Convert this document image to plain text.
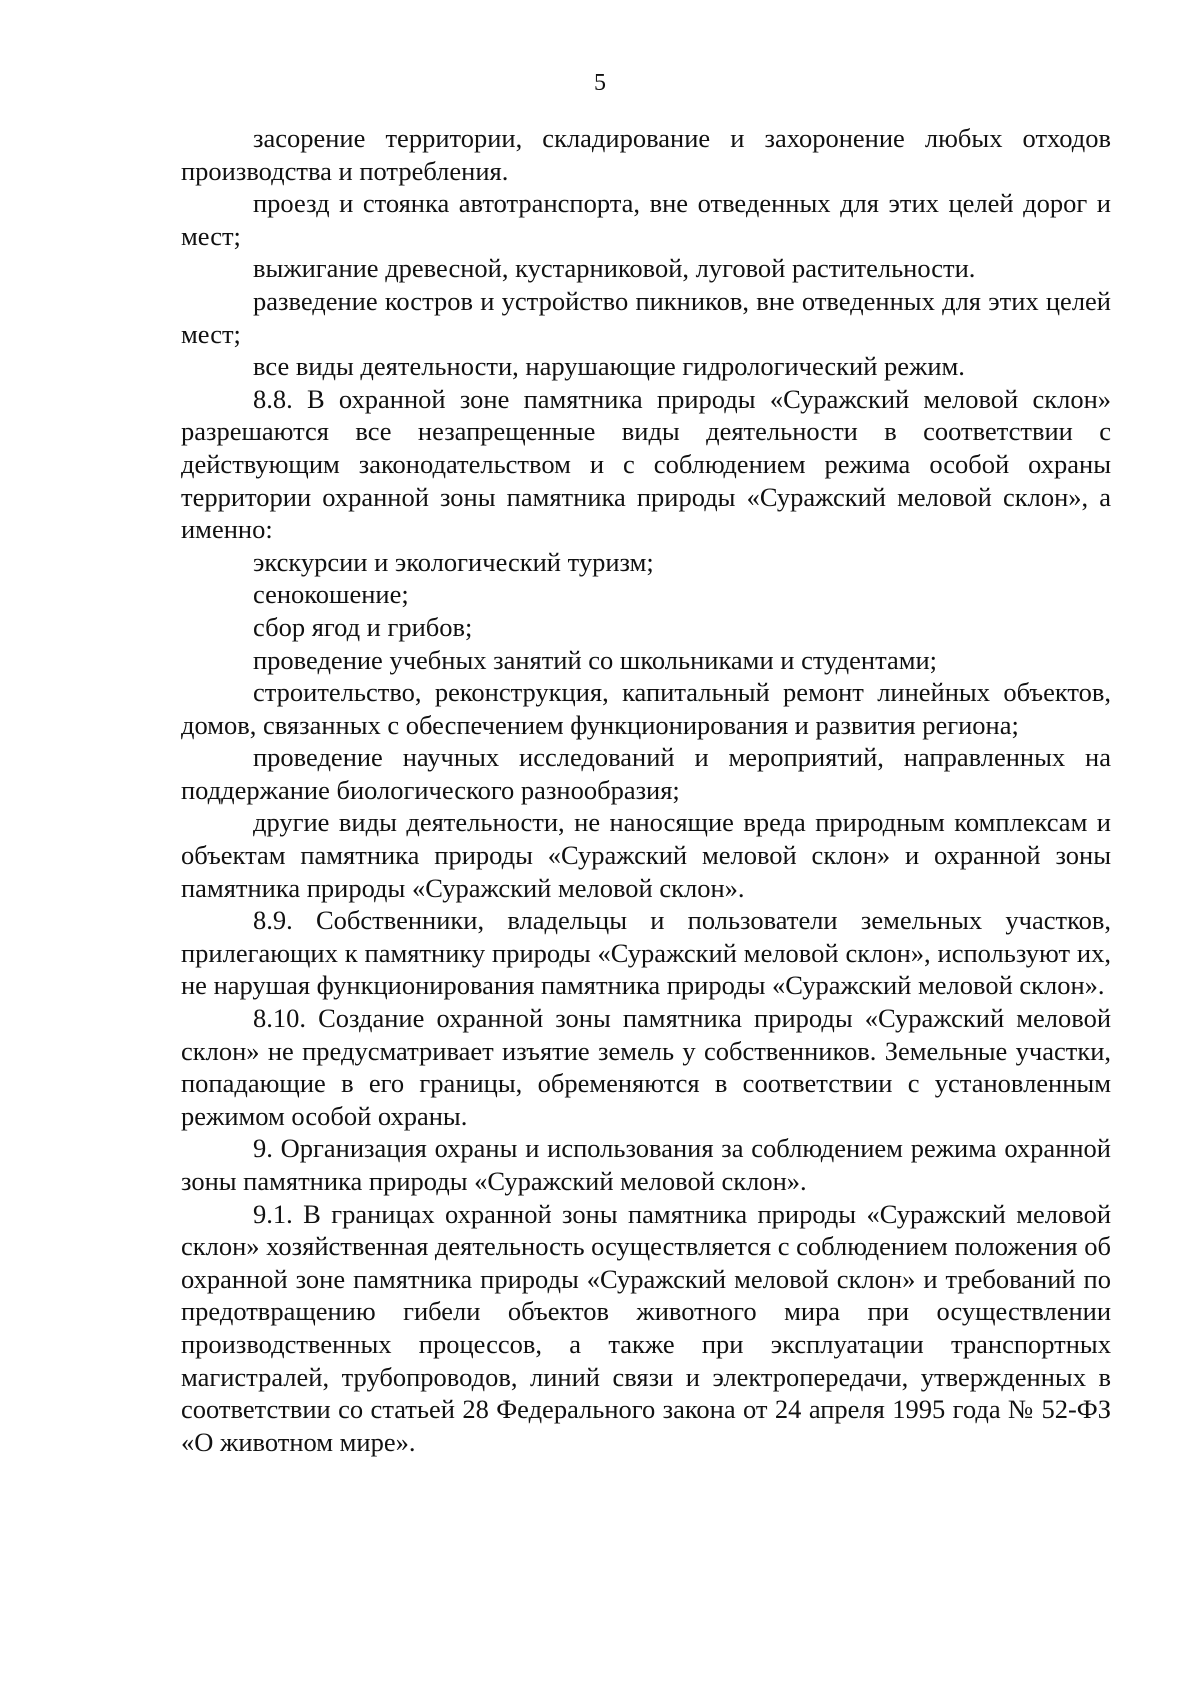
5

засорение территории, складирование и захоронение любых отходов производства и потребления.

проезд и стоянка автотранспорта, вне отведенных для этих целей дорог и мест;

выжигание древесной, кустарниковой, луговой растительности.

разведение костров и устройство пикников, вне отведенных для этих целей мест;

все виды деятельности, нарушающие гидрологический режим.

8.8. В охранной зоне памятника природы «Суражский меловой склон» разрешаются все незапрещенные виды деятельности в соответствии с действующим законодательством и с соблюдением режима особой охраны территории охранной зоны памятника природы «Суражский меловой склон», а именно:

экскурсии и экологический туризм;

сенокошение;

сбор ягод и грибов;

проведение учебных занятий со школьниками и студентами;

строительство, реконструкция, капитальный ремонт линейных объектов, домов, связанных с обеспечением функционирования и развития региона;

проведение научных исследований и мероприятий, направленных на поддержание биологического разнообразия;

другие виды деятельности, не наносящие вреда природным комплексам и объектам памятника природы «Суражский меловой склон» и охранной зоны памятника природы «Суражский меловой склон».

8.9. Собственники, владельцы и пользователи земельных участков, прилегающих к памятнику природы «Суражский меловой склон», используют их, не нарушая функционирования памятника природы «Суражский меловой склон».

8.10. Создание охранной зоны памятника природы «Суражский меловой склон» не предусматривает изъятие земель у собственников. Земельные участки, попадающие в его границы, обременяются в соответствии с установленным режимом особой охраны.

9. Организация охраны и использования за соблюдением режима охранной зоны памятника природы «Суражский меловой склон».

9.1. В границах охранной зоны памятника природы «Суражский меловой склон» хозяйственная деятельность осуществляется с соблюдением положения об охранной зоне памятника природы «Суражский меловой склон» и требований по предотвращению гибели объектов животного мира при осуществлении производственных процессов, а также при эксплуатации транспортных магистралей, трубопроводов, линий связи и электропередачи, утвержденных в соответствии со статьей 28 Федерального закона от 24 апреля 1995 года № 52-ФЗ «О животном мире».
